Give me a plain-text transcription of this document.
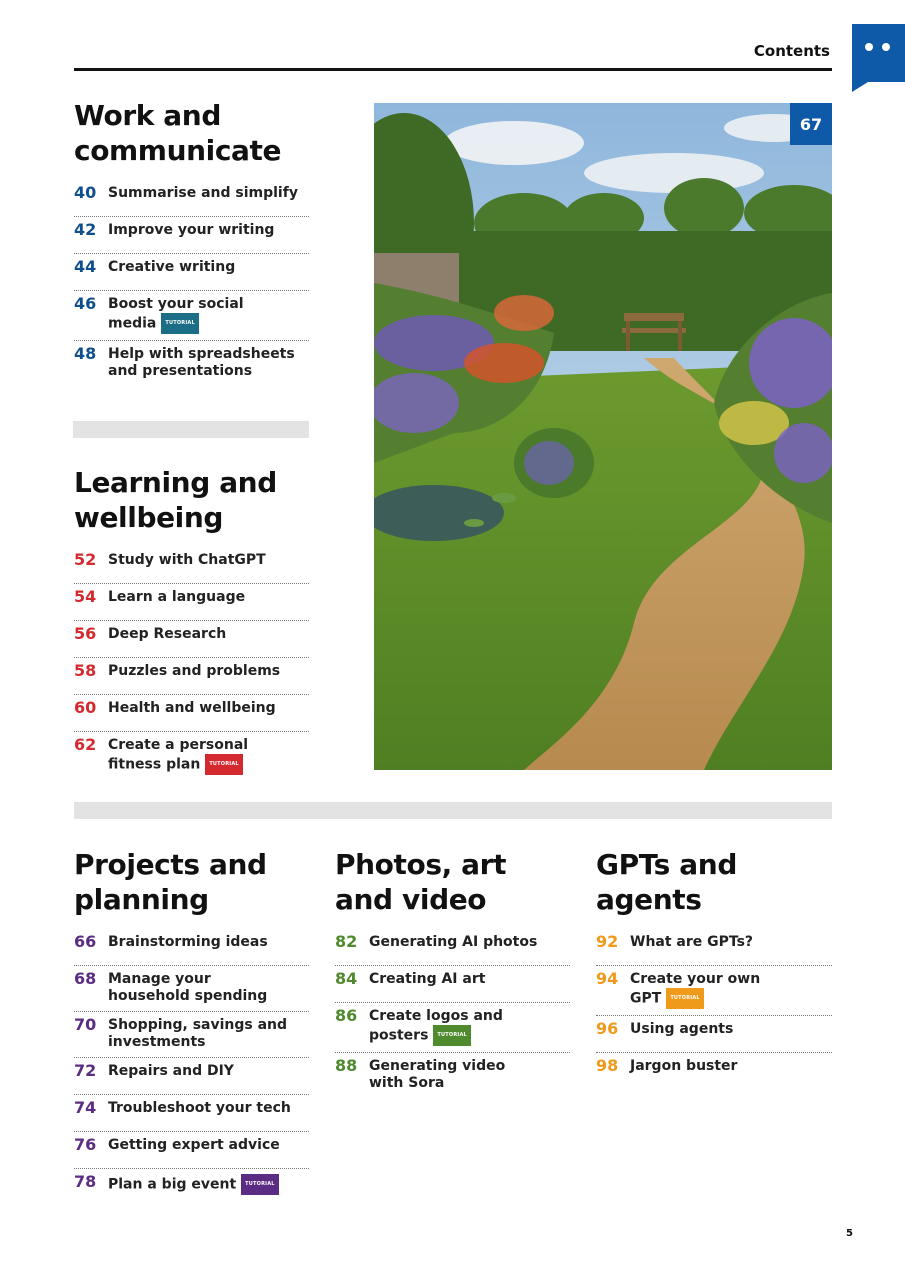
Contents
Work and
communicate
40 Summarise and simplify
42 Improve your writing
44 Creative writing
46 Boost your social
media TUTORIAL
48 Help with spreadsheets
and presentations
Learning and
wellbeing
52 Study with ChatGPT
54 Learn a language
56 Deep Research
58 Puzzles and problems
60 Health and wellbeing
62 Create a personal
fitness plan TUTORIAL
67
Projects and
planning
66 Brainstorming ideas
68 Manage your
household spending
70 Shopping, savings and
investments
72 Repairs and DIY
74 Troubleshoot your tech
76 Getting expert advice
78 Plan a big event TUTORIAL
Photos, art
and video
82 Generating AI photos
84 Creating AI art
86 Create logos and
posters TUTORIAL
88 Generating video
with Sora
GPTs and
agents
92 What are GPTs?
94 Create your own
GPT TUTORIAL
96 Using agents
98 Jargon buster
5
